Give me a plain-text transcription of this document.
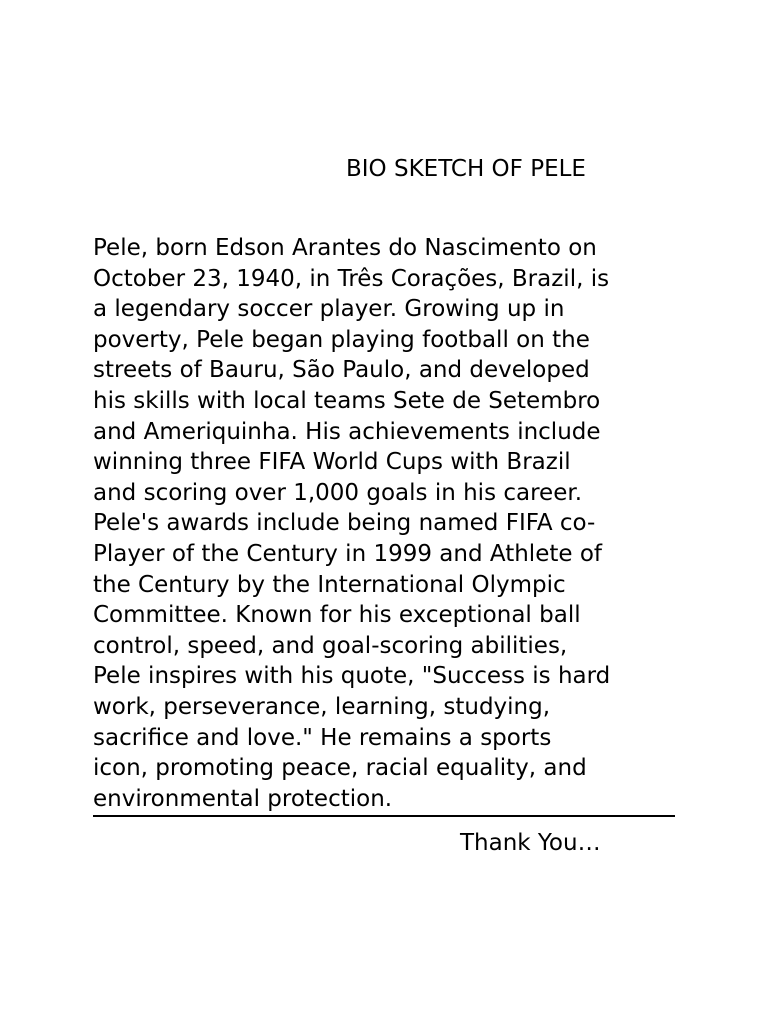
BIO SKETCH OF PELE

Pele, born Edson Arantes do Nascimento on
October 23, 1940, in Três Corações, Brazil, is
a legendary soccer player. Growing up in
poverty, Pele began playing football on the
streets of Bauru, São Paulo, and developed
his skills with local teams Sete de Setembro
and Ameriquinha. His achievements include
winning three FIFA World Cups with Brazil
and scoring over 1,000 goals in his career.
Pele's awards include being named FIFA co-
Player of the Century in 1999 and Athlete of
the Century by the International Olympic
Committee. Known for his exceptional ball
control, speed, and goal-scoring abilities,
Pele inspires with his quote, "Success is hard
work, perseverance, learning, studying,
sacrifice and love." He remains a sports
icon, promoting peace, racial equality, and
environmental protection.

Thank You…
